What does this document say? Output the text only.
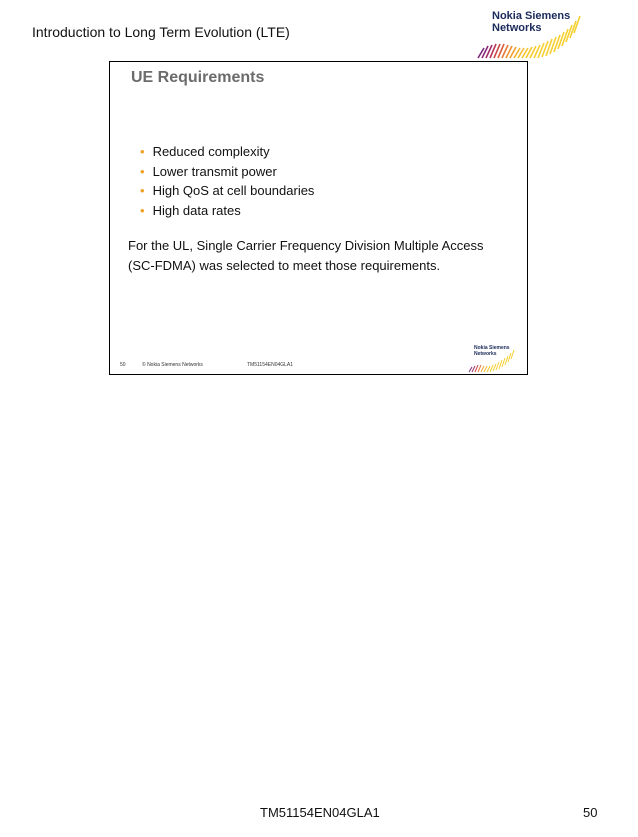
Introduction to Long Term Evolution (LTE)
Nokia Siemens
Networks
UE Requirements
• Reduced complexity
• Lower transmit power
• High QoS at cell boundaries
• High data rates
For the UL, Single Carrier Frequency Division Multiple Access
(SC-FDMA) was selected to meet those requirements.
50	© Nokia Siemens Networks	TM51154EN04GLA1
Nokia Siemens
Networks
TM51154EN04GLA1	50
